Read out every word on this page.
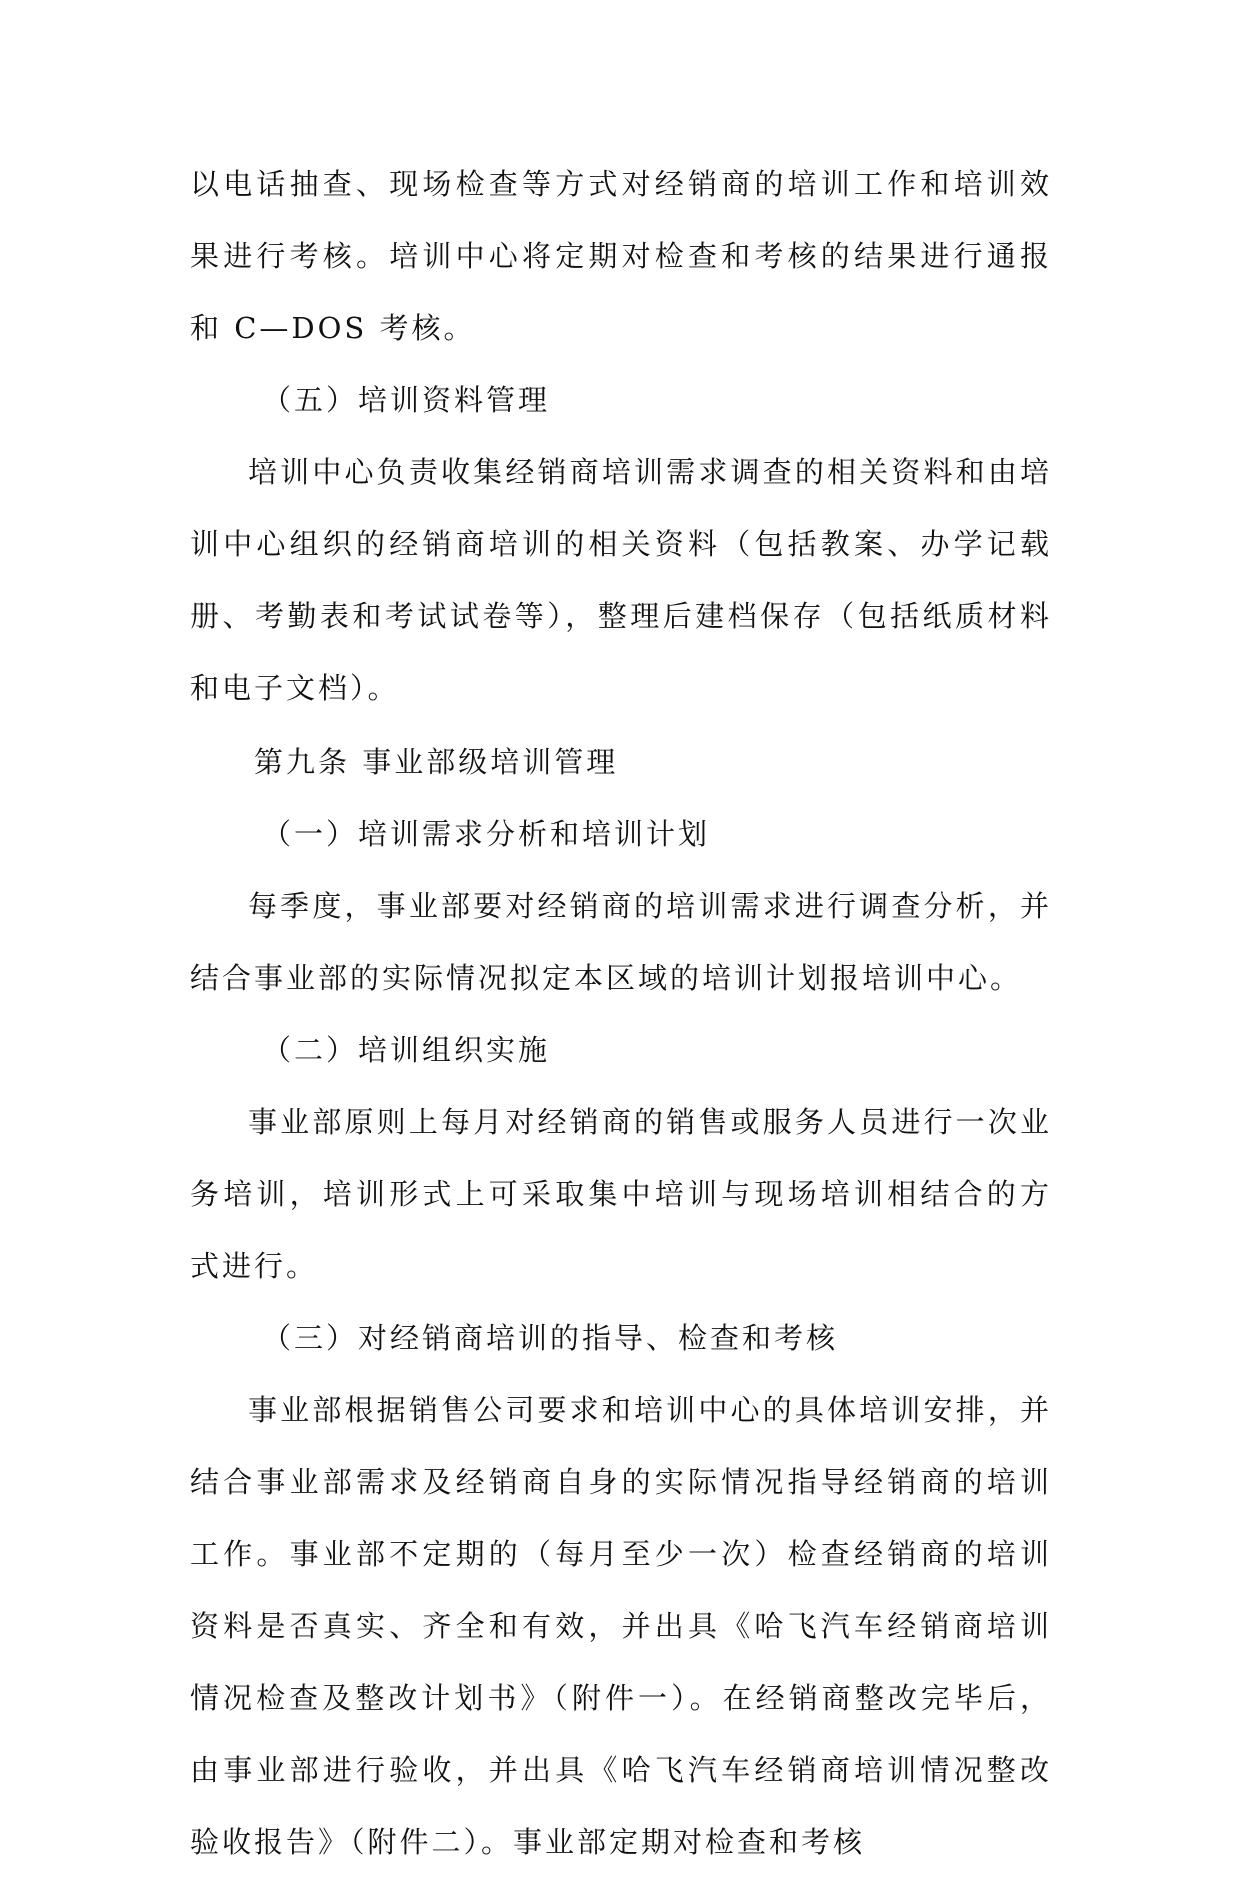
以电话抽查、现场检查等方式对经销商的培训工作和培训效果进行考核。培训中心将定期对检查和考核的结果进行通报和 C—DOS 考核。

（五）培训资料管理

培训中心负责收集经销商培训需求调查的相关资料和由培训中心组织的经销商培训的相关资料（包括教案、办学记载册、考勤表和考试试卷等），整理后建档保存（包括纸质材料和电子文档）。

第九条 事业部级培训管理

（一）培训需求分析和培训计划

每季度，事业部要对经销商的培训需求进行调查分析，并结合事业部的实际情况拟定本区域的培训计划报培训中心。

（二）培训组织实施

事业部原则上每月对经销商的销售或服务人员进行一次业务培训，培训形式上可采取集中培训与现场培训相结合的方式进行。

（三）对经销商培训的指导、检查和考核

事业部根据销售公司要求和培训中心的具体培训安排，并结合事业部需求及经销商自身的实际情况指导经销商的培训工作。事业部不定期的（每月至少一次）检查经销商的培训资料是否真实、齐全和有效，并出具《哈飞汽车经销商培训情况检查及整改计划书》（附件一）。在经销商整改完毕后，由事业部进行验收，并出具《哈飞汽车经销商培训情况整改验收报告》（附件二）。事业部定期对检查和考核
